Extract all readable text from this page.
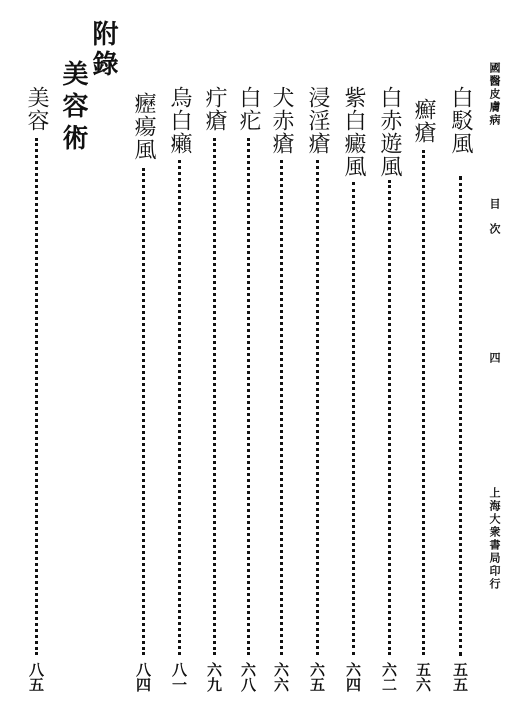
國醫皮膚病
目次
四
上海大衆書局印行
白駁風
五五
癬瘡
五六
白赤遊風
六二
紫白癜風
六四
浸淫瘡
六五
犬赤瘡
六六
白疕
六八
疔瘡
六九
烏白癩
八一
癧瘍風
八四
附錄
美容術
美容
八五
